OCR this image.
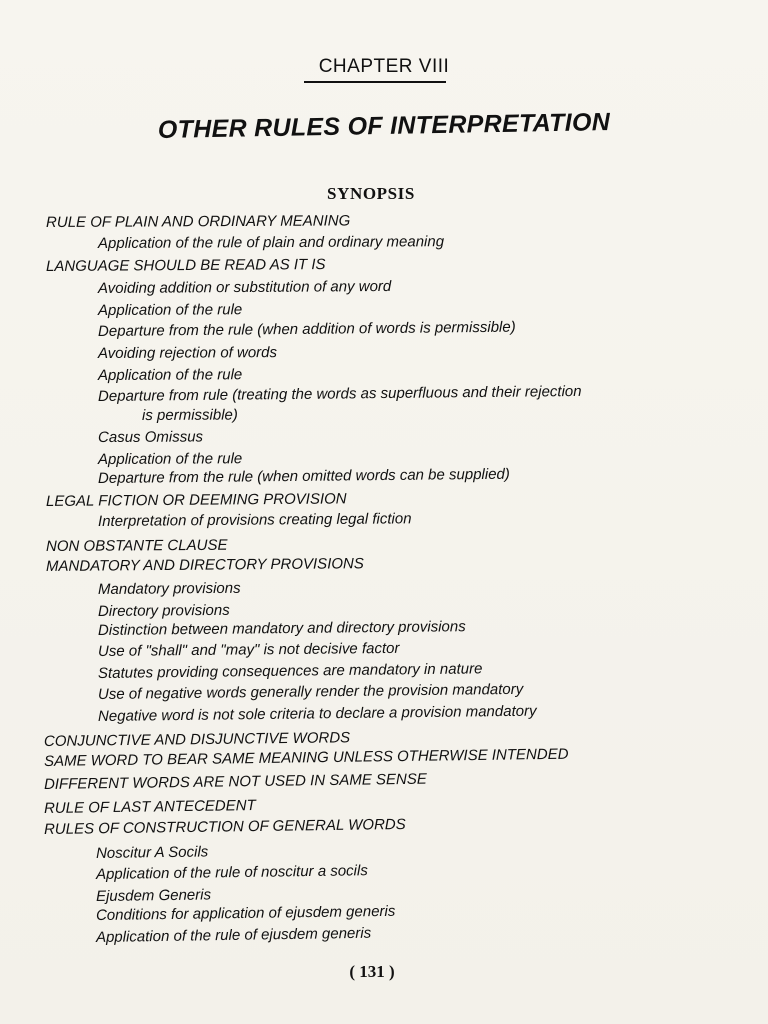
CHAPTER VIII
OTHER RULES OF INTERPRETATION
SYNOPSIS
RULE OF PLAIN AND ORDINARY MEANING
Application of the rule of plain and ordinary meaning
LANGUAGE SHOULD BE READ AS IT IS
Avoiding addition or substitution of any word
Application of the rule
Departure from the rule (when addition of words is permissible)
Avoiding rejection of words
Application of the rule
Departure from rule (treating the words as superfluous and their rejection
is permissible)
Casus Omissus
Application of the rule
Departure from the rule (when omitted words can be supplied)
LEGAL FICTION OR DEEMING PROVISION
Interpretation of provisions creating legal fiction
NON OBSTANTE CLAUSE
MANDATORY AND DIRECTORY PROVISIONS
Mandatory provisions
Directory provisions
Distinction between mandatory and directory provisions
Use of "shall" and "may" is not decisive factor
Statutes providing consequences are mandatory in nature
Use of negative words generally render the provision mandatory
Negative word is not sole criteria to declare a provision mandatory
CONJUNCTIVE AND DISJUNCTIVE WORDS
SAME WORD TO BEAR SAME MEANING UNLESS OTHERWISE INTENDED
DIFFERENT WORDS ARE NOT USED IN SAME SENSE
RULE OF LAST ANTECEDENT
RULES OF CONSTRUCTION OF GENERAL WORDS
Noscitur A Socils
Application of the rule of noscitur a socils
Ejusdem Generis
Conditions for application of ejusdem generis
Application of the rule of ejusdem generis
( 131 )
